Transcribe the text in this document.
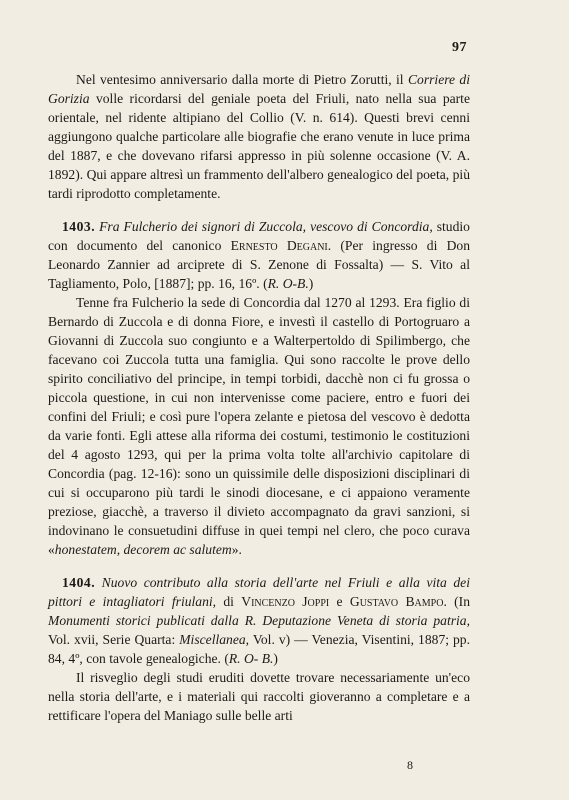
97

Nel ventesimo anniversario dalla morte di Pietro Zorutti, il Corriere di Gorizia volle ricordarsi del geniale poeta del Friuli, nato nella sua parte orientale, nel ridente altipiano del Collio (V. n. 614). Questi brevi cenni aggiungono qualche particolare alle biografie che erano venute in luce prima del 1887, e che dovevano rifarsi appresso in più solenne occasione (V. A. 1892). Qui appare altresì un frammento dell'albero genealogico del poeta, più tardi riprodotto completamente.

1403. Fra Fulcherio dei signori di Zuccola, vescovo di Concordia, studio con documento del canonico Ernesto Degani. (Per ingresso di Don Leonardo Zannier ad arciprete di S. Zenone di Fossalta) — S. Vito al Tagliamento, Polo, [1887]; pp. 16, 16º. (R. O-B.)

Tenne fra Fulcherio la sede di Concordia dal 1270 al 1293. Era figlio di Bernardo di Zuccola e di donna Fiore, e investì il castello di Portogruaro a Giovanni di Zuccola suo congiunto e a Walterpertoldo di Spilimbergo, che facevano coi Zuccola tutta una famiglia. Qui sono raccolte le prove dello spirito conciliativo del principe, in tempi torbidi, dacchè non ci fu grossa o piccola questione, in cui non intervenisse come paciere, entro e fuori dei confini del Friuli; e così pure l'opera zelante e pietosa del vescovo è dedotta da varie fonti. Egli attese alla riforma dei costumi, testimonio le costituzioni del 4 agosto 1293, qui per la prima volta tolte all'archivio capitolare di Concordia (pag. 12-16): sono un quissimile delle disposizioni disciplinari di cui si occuparono più tardi le sinodi diocesane, e ci appaiono veramente preziose, giacchè, a traverso il divieto accompagnato da gravi sanzioni, si indovinano le consuetudini diffuse in quei tempi nel clero, che poco curava «honestatem, decorem ac salutem».

1404. Nuovo contributo alla storia dell'arte nel Friuli e alla vita dei pittori e intagliatori friulani, di Vincenzo Joppi e Gustavo Bampo. (In Monumenti storici publicati dalla R. Deputazione Veneta di storia patria, Vol. xvii, Serie Quarta: Miscellanea, Vol. v) — Venezia, Visentini, 1887; pp. 84, 4º, con tavole genealogiche. (R. O- B.)

Il risveglio degli studi eruditi dovette trovare necessariamente un'eco nella storia dell'arte, e i materiali qui raccolti gioveranno a completare e a rettificare l'opera del Maniago sulle belle arti

8
